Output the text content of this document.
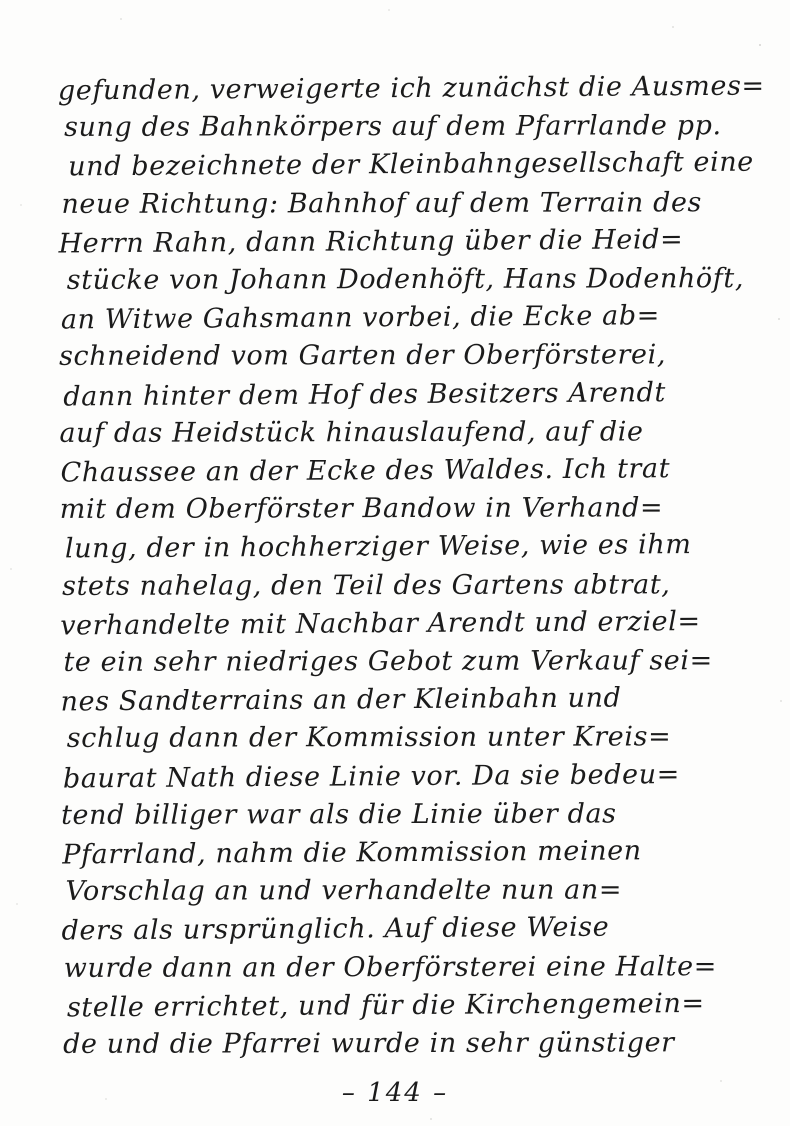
gefunden, verweigerte ich zunächst die Ausmes=
sung des Bahnkörpers auf dem Pfarrlande pp.
und bezeichnete der Kleinbahngesellschaft eine
neue Richtung: Bahnhof auf dem Terrain des
Herrn Rahn, dann Richtung über die Heid=
stücke von Johann Dodenhöft, Hans Dodenhöft,
an Witwe Gahsmann vorbei, die Ecke ab=
schneidend vom Garten der Oberförsterei,
dann hinter dem Hof des Besitzers Arendt
auf das Heidstück hinauslaufend, auf die
Chaussee an der Ecke des Waldes. Ich trat
mit dem Oberförster Bandow in Verhand=
lung, der in hochherziger Weise, wie es ihm
stets nahelag, den Teil des Gartens abtrat,
verhandelte mit Nachbar Arendt und erziel=
te ein sehr niedriges Gebot zum Verkauf sei=
nes Sandterrains an der Kleinbahn und
schlug dann der Kommission unter Kreis=
baurat Nath diese Linie vor. Da sie bedeu=
tend billiger war als die Linie über das
Pfarrland, nahm die Kommission meinen
Vorschlag an und verhandelte nun an=
ders als ursprünglich. Auf diese Weise
wurde dann an der Oberförsterei eine Halte=
stelle errichtet, und für die Kirchengemein=
de und die Pfarrei wurde in sehr günstiger
– 144 –
